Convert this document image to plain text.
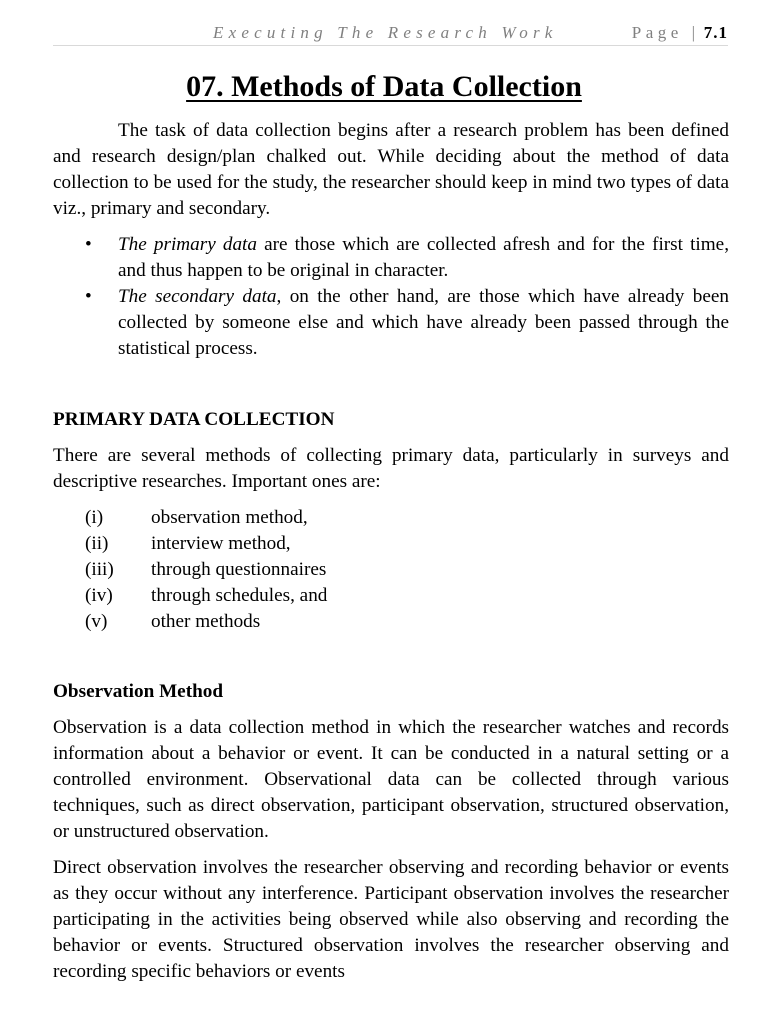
Executing The Research Work	Page | 7.1
07. Methods of Data Collection

The task of data collection begins after a research problem has been defined and research design/plan chalked out. While deciding about the method of data collection to be used for the study, the researcher should keep in mind two types of data viz., primary and secondary.

• The primary data are those which are collected afresh and for the first time, and thus happen to be original in character.
• The secondary data, on the other hand, are those which have already been collected by someone else and which have already been passed through the statistical process.
PRIMARY DATA COLLECTION

There are several methods of collecting primary data, particularly in surveys and descriptive researches. Important ones are:

(i) observation method,
(ii) interview method,
(iii) through questionnaires
(iv) through schedules, and
(v) other methods
Observation Method

Observation is a data collection method in which the researcher watches and records information about a behavior or event. It can be conducted in a natural setting or a controlled environment. Observational data can be collected through various techniques, such as direct observation, participant observation, structured observation, or unstructured observation.

Direct observation involves the researcher observing and recording behavior or events as they occur without any interference. Participant observation involves the researcher participating in the activities being observed while also observing and recording the behavior or events. Structured observation involves the researcher observing and recording specific behaviors or events
